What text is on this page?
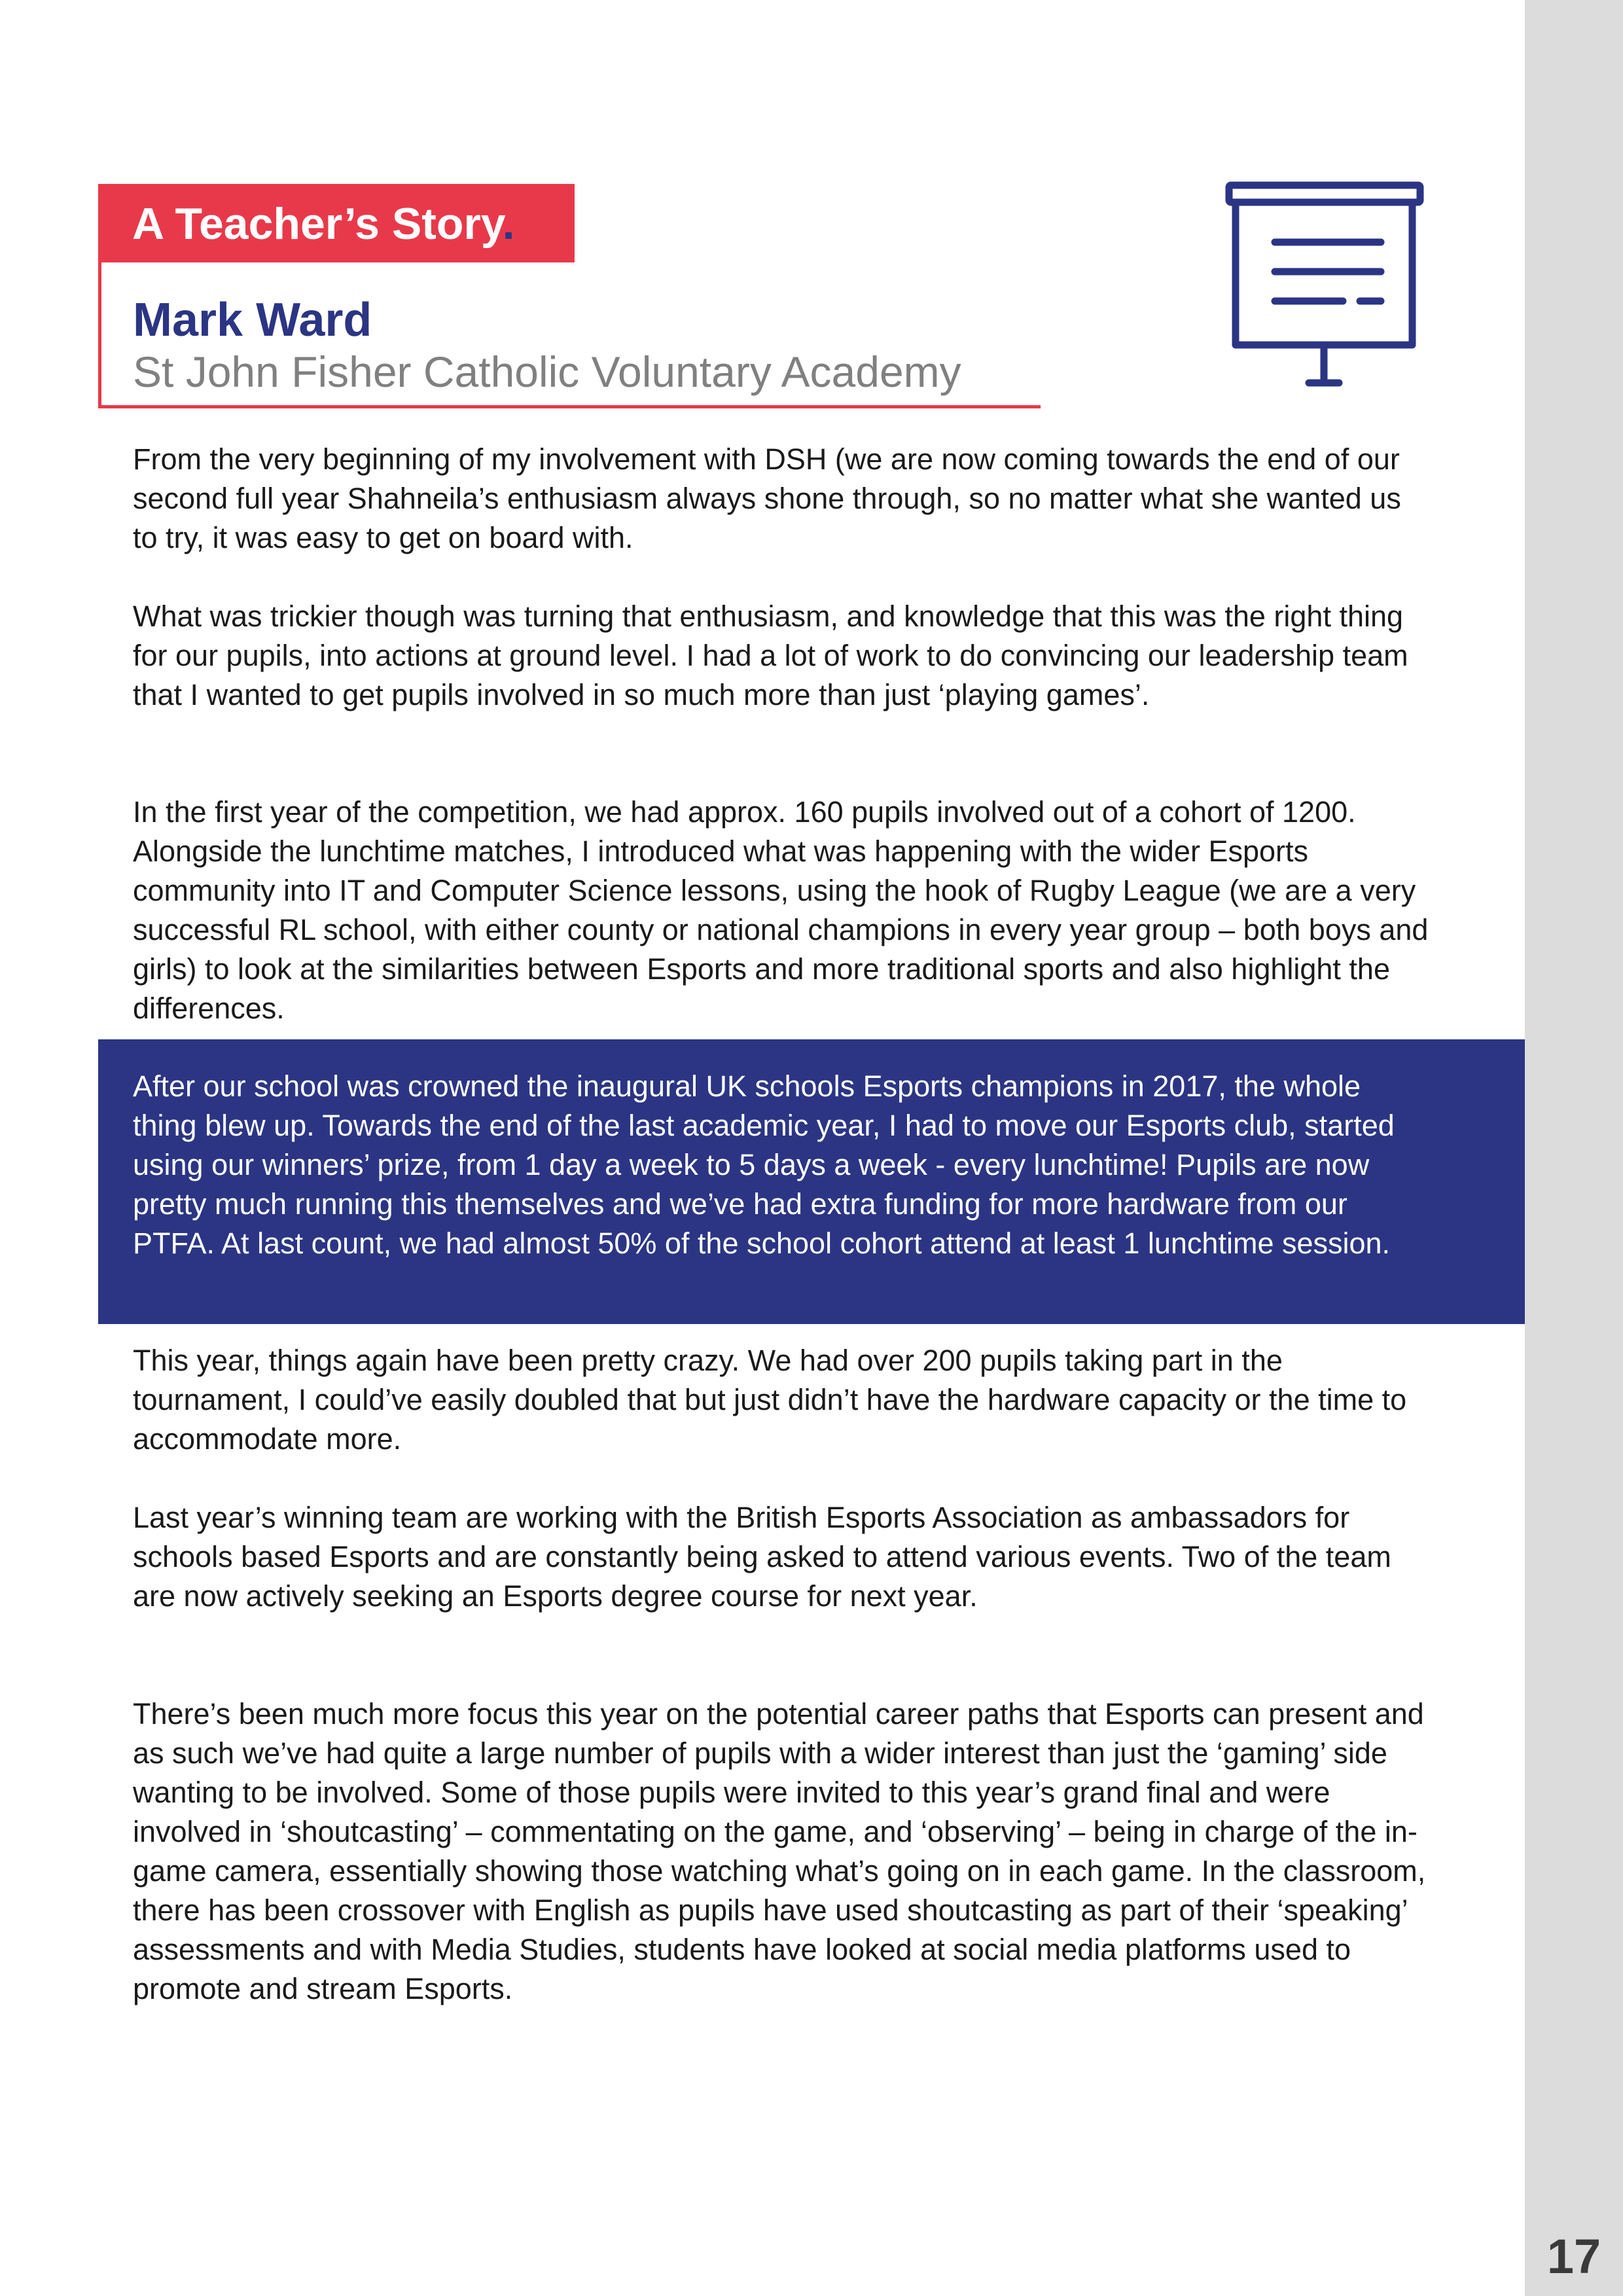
A Teacher’s Story.
Mark Ward
St John Fisher Catholic Voluntary Academy

From the very beginning of my involvement with DSH (we are now coming towards the end of our second full year Shahneila’s enthusiasm always shone through, so no matter what she wanted us to try, it was easy to get on board with.

What was trickier though was turning that enthusiasm, and knowledge that this was the right thing for our pupils, into actions at ground level. I had a lot of work to do convincing our leadership team that I wanted to get pupils involved in so much more than just ‘playing games’.

In the first year of the competition, we had approx. 160 pupils involved out of a cohort of 1200. Alongside the lunchtime matches, I introduced what was happening with the wider Esports community into IT and Computer Science lessons, using the hook of Rugby League (we are a very successful RL school, with either county or national champions in every year group – both boys and girls) to look at the similarities between Esports and more traditional sports and also highlight the differences.

After our school was crowned the inaugural UK schools Esports champions in 2017, the whole thing blew up. Towards the end of the last academic year, I had to move our Esports club, started using our winners’ prize, from 1 day a week to 5 days a week - every lunchtime! Pupils are now pretty much running this themselves and we’ve had extra funding for more hardware from our PTFA. At last count, we had almost 50% of the school cohort attend at least 1 lunchtime session.

This year, things again have been pretty crazy. We had over 200 pupils taking part in the tournament, I could’ve easily doubled that but just didn’t have the hardware capacity or the time to accommodate more.

Last year’s winning team are working with the British Esports Association as ambassadors for schools based Esports and are constantly being asked to attend various events. Two of the team are now actively seeking an Esports degree course for next year.

There’s been much more focus this year on the potential career paths that Esports can present and as such we’ve had quite a large number of pupils with a wider interest than just the ‘gaming’ side wanting to be involved. Some of those pupils were invited to this year’s grand final and were involved in ‘shoutcasting’ – commentating on the game, and ‘observing’ – being in charge of the in-game camera, essentially showing those watching what’s going on in each game. In the classroom, there has been crossover with English as pupils have used shoutcasting as part of their ‘speaking’ assessments and with Media Studies, students have looked at social media platforms used to promote and stream Esports.

17
